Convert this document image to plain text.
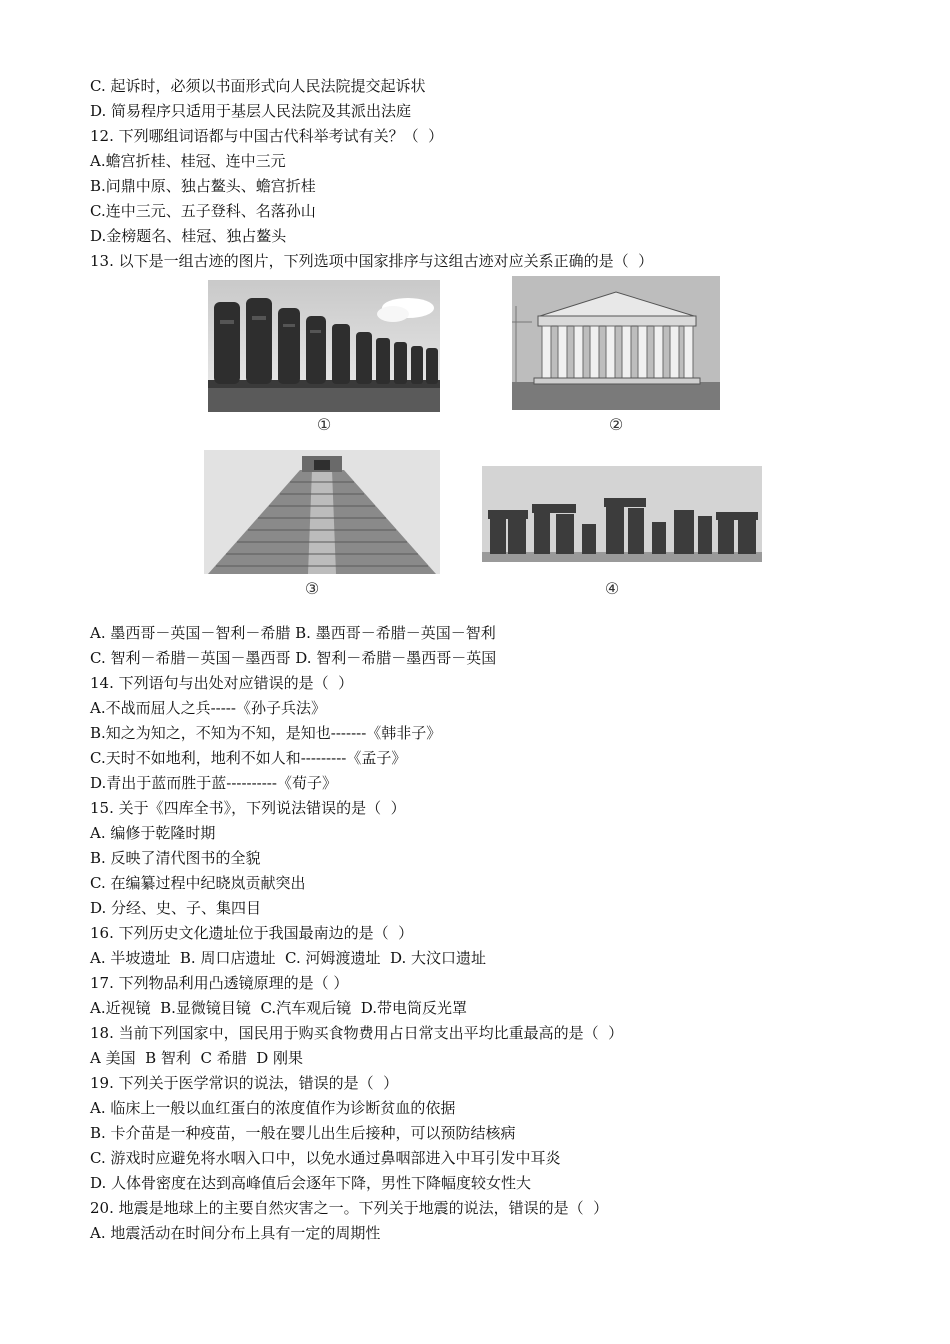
C. 起诉时，必须以书面形式向人民法院提交起诉状
D. 简易程序只适用于基层人民法院及其派出法庭
12. 下列哪组词语都与中国古代科举考试有关？（  ）
A.蟾宫折桂、桂冠、连中三元
B.问鼎中原、独占鳌头、蟾宫折桂
C.连中三元、五子登科、名落孙山
D.金榜题名、桂冠、独占鳌头
13. 以下是一组古迹的图片，下列选项中国家排序与这组古迹对应关系正确的是（  ）
①	②
③	④
A. 墨西哥－英国－智利－希腊 B. 墨西哥－希腊－英国－智利
C. 智利－希腊－英国－墨西哥 D. 智利－希腊－墨西哥－英国
14. 下列语句与出处对应错误的是（  ）
A.不战而屈人之兵-----《孙子兵法》
B.知之为知之，不知为不知，是知也-------《韩非子》
C.天时不如地利，地利不如人和---------《孟子》
D.青出于蓝而胜于蓝----------《荀子》
15. 关于《四库全书》，下列说法错误的是（  ）
A. 编修于乾隆时期
B. 反映了清代图书的全貌
C. 在编纂过程中纪晓岚贡献突出
D. 分经、史、子、集四目
16. 下列历史文化遗址位于我国最南边的是（  ）
A. 半坡遗址  B. 周口店遗址  C. 河姆渡遗址  D. 大汶口遗址
17. 下列物品利用凸透镜原理的是（ ）
A.近视镜  B.显微镜目镜  C.汽车观后镜  D.带电筒反光罩
18. 当前下列国家中，国民用于购买食物费用占日常支出平均比重最高的是（  ）
A 美国  B 智利  C 希腊  D 刚果
19. 下列关于医学常识的说法，错误的是（  ）
A. 临床上一般以血红蛋白的浓度值作为诊断贫血的依据
B. 卡介苗是一种疫苗，一般在婴儿出生后接种，可以预防结核病
C. 游戏时应避免将水咽入口中，以免水通过鼻咽部进入中耳引发中耳炎
D. 人体骨密度在达到高峰值后会逐年下降，男性下降幅度较女性大
20. 地震是地球上的主要自然灾害之一。下列关于地震的说法，错误的是（  ）
A. 地震活动在时间分布上具有一定的周期性
